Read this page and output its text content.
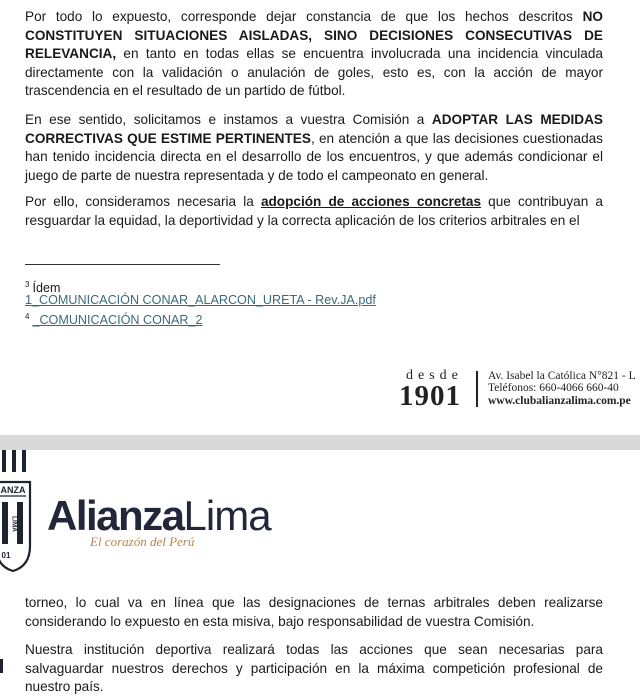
Por todo lo expuesto, corresponde dejar constancia de que los hechos descritos NO CONSTITUYEN SITUACIONES AISLADAS, SINO DECISIONES CONSECUTIVAS DE RELEVANCIA, en tanto en todas ellas se encuentra involucrada una incidencia vinculada directamente con la validación o anulación de goles, esto es, con la acción de mayor trascendencia en el resultado de un partido de fútbol.

En ese sentido, solicitamos e instamos a vuestra Comisión a ADOPTAR LAS MEDIDAS CORRECTIVAS QUE ESTIME PERTINENTES, en atención a que las decisiones cuestionadas han tenido incidencia directa en el desarrollo de los encuentros, y que además condicionar el juego de parte de nuestra representada y de todo el campeonato en general.

Por ello, consideramos necesaria la adopción de acciones concretas que contribuyan a resguardar la equidad, la deportividad y la correcta aplicación de los criterios arbitrales en el

$^3$ Ídem
1_COMUNICACIÓN CONAR_ALARCON_URETA - Rev.JA.pdf
$^4$ _COMUNICACIÓN CONAR_2
desde
1901
Av. Isabel la Católica N°821 - L
Teléfonos: 660-4066 660-40
www.clubalianzalima.com.pe
ANZA
LIMA
01
AlianzaLima
El corazón del Perú

torneo, lo cual va en línea que las designaciones de ternas arbitrales deben realizarse considerando lo expuesto en esta misiva, bajo responsabilidad de vuestra Comisión.

Nuestra institución deportiva realizará todas las acciones que sean necesarias para salvaguardar nuestros derechos y participación en la máxima competición profesional de nuestro país.
